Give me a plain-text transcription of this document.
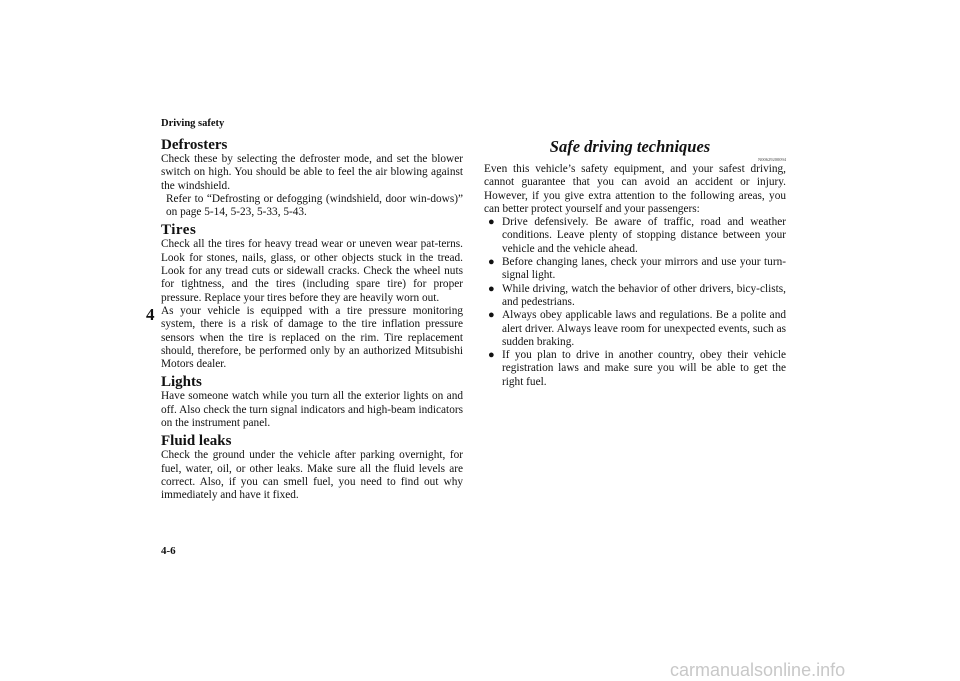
Driving safety
4
Defrosters

Check these by selecting the defroster mode, and set the blower switch on high. You should be able to feel the air blowing against the windshield.

Refer to “Defrosting or defogging (windshield, door win-dows)” on page 5-14, 5-23, 5-33, 5-43.

Tires

Check all the tires for heavy tread wear or uneven wear pat-terns. Look for stones, nails, glass, or other objects stuck in the tread. Look for any tread cuts or sidewall cracks. Check the wheel nuts for tightness, and the tires (including spare tire) for proper pressure. Replace your tires before they are heavily worn out.

As your vehicle is equipped with a tire pressure monitoring system, there is a risk of damage to the tire inflation pressure sensors when the tire is replaced on the rim. Tire replacement should, therefore, be performed only by an authorized Mitsubishi Motors dealer.

Lights

Have someone watch while you turn all the exterior lights on and off. Also check the turn signal indicators and high-beam indicators on the instrument panel.

Fluid leaks

Check the ground under the vehicle after parking overnight, for fuel, water, oil, or other leaks. Make sure all the fluid levels are correct. Also, if you can smell fuel, you need to find out why immediately and have it fixed.

Safe driving techniques
N00629200094

Even this vehicle’s safety equipment, and your safest driving, cannot guarantee that you can avoid an accident or injury. However, if you give extra attention to the following areas, you can better protect yourself and your passengers:

● Drive defensively. Be aware of traffic, road and weather conditions. Leave plenty of stopping distance between your vehicle and the vehicle ahead.
● Before changing lanes, check your mirrors and use your turn-signal light.
● While driving, watch the behavior of other drivers, bicy-clists, and pedestrians.
● Always obey applicable laws and regulations. Be a polite and alert driver. Always leave room for unexpected events, such as sudden braking.
● If you plan to drive in another country, obey their vehicle registration laws and make sure you will be able to get the right fuel.
4-6
carmanualsonline.info
